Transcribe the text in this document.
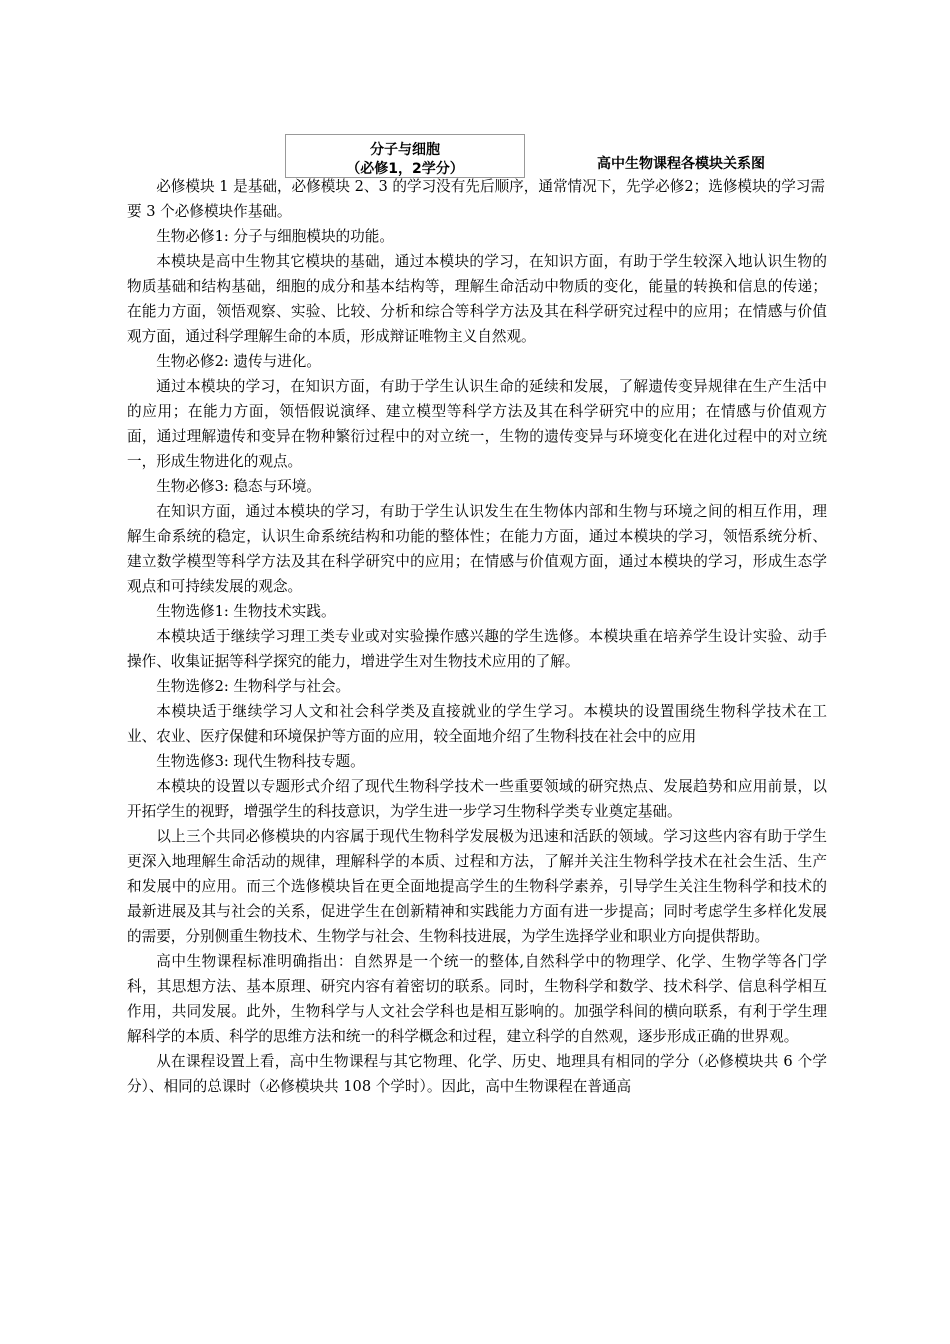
分子与细胞
（必修1，2学分）	高中生物课程各模块关系图

必修模块 1 是基础，必修模块 2、3 的学习没有先后顺序，通常情况下，先学必修2；选修模块的学习需要 3 个必修模块作基础。

生物必修1: 分子与细胞模块的功能。

本模块是高中生物其它模块的基础，通过本模块的学习，在知识方面，有助于学生较深入地认识生物的物质基础和结构基础，细胞的成分和基本结构等，理解生命活动中物质的变化，能量的转换和信息的传递；在能力方面，领悟观察、实验、比较、分析和综合等科学方法及其在科学研究过程中的应用；在情感与价值观方面，通过科学理解生命的本质，形成辩证唯物主义自然观。

生物必修2: 遗传与进化。

通过本模块的学习，在知识方面，有助于学生认识生命的延续和发展，了解遗传变异规律在生产生活中的应用；在能力方面，领悟假说演绎、建立模型等科学方法及其在科学研究中的应用；在情感与价值观方面，通过理解遗传和变异在物种繁衍过程中的对立统一，生物的遗传变异与环境变化在进化过程中的对立统一，形成生物进化的观点。

生物必修3: 稳态与环境。

在知识方面，通过本模块的学习，有助于学生认识发生在生物体内部和生物与环境之间的相互作用，理解生命系统的稳定，认识生命系统结构和功能的整体性；在能力方面，通过本模块的学习，领悟系统分析、建立数学模型等科学方法及其在科学研究中的应用；在情感与价值观方面，通过本模块的学习，形成生态学观点和可持续发展的观念。

生物选修1: 生物技术实践。

本模块适于继续学习理工类专业或对实验操作感兴趣的学生选修。本模块重在培养学生设计实验、动手操作、收集证据等科学探究的能力，增进学生对生物技术应用的了解。

生物选修2: 生物科学与社会。

本模块适于继续学习人文和社会科学类及直接就业的学生学习。本模块的设置围绕生物科学技术在工业、农业、医疗保健和环境保护等方面的应用，较全面地介绍了生物科技在社会中的应用

生物选修3: 现代生物科技专题。

本模块的设置以专题形式介绍了现代生物科学技术一些重要领域的研究热点、发展趋势和应用前景，以开拓学生的视野，增强学生的科技意识，为学生进一步学习生物科学类专业奠定基础。

以上三个共同必修模块的内容属于现代生物科学发展极为迅速和活跃的领域。学习这些内容有助于学生更深入地理解生命活动的规律，理解科学的本质、过程和方法，了解并关注生物科学技术在社会生活、生产和发展中的应用。而三个选修模块旨在更全面地提高学生的生物科学素养，引导学生关注生物科学和技术的最新进展及其与社会的关系，促进学生在创新精神和实践能力方面有进一步提高；同时考虑学生多样化发展的需要，分别侧重生物技术、生物学与社会、生物科技进展，为学生选择学业和职业方向提供帮助。

高中生物课程标准明确指出：自然界是一个统一的整体,自然科学中的物理学、化学、生物学等各门学科，其思想方法、基本原理、研究内容有着密切的联系。同时，生物科学和数学、技术科学、信息科学相互作用，共同发展。此外，生物科学与人文社会学科也是相互影响的。加强学科间的横向联系，有利于学生理解科学的本质、科学的思维方法和统一的科学概念和过程，建立科学的自然观，逐步形成正确的世界观。

从在课程设置上看，高中生物课程与其它物理、化学、历史、地理具有相同的学分（必修模块共 6 个学分）、相同的总课时（必修模块共 108 个学时）。因此，高中生物课程在普通高
